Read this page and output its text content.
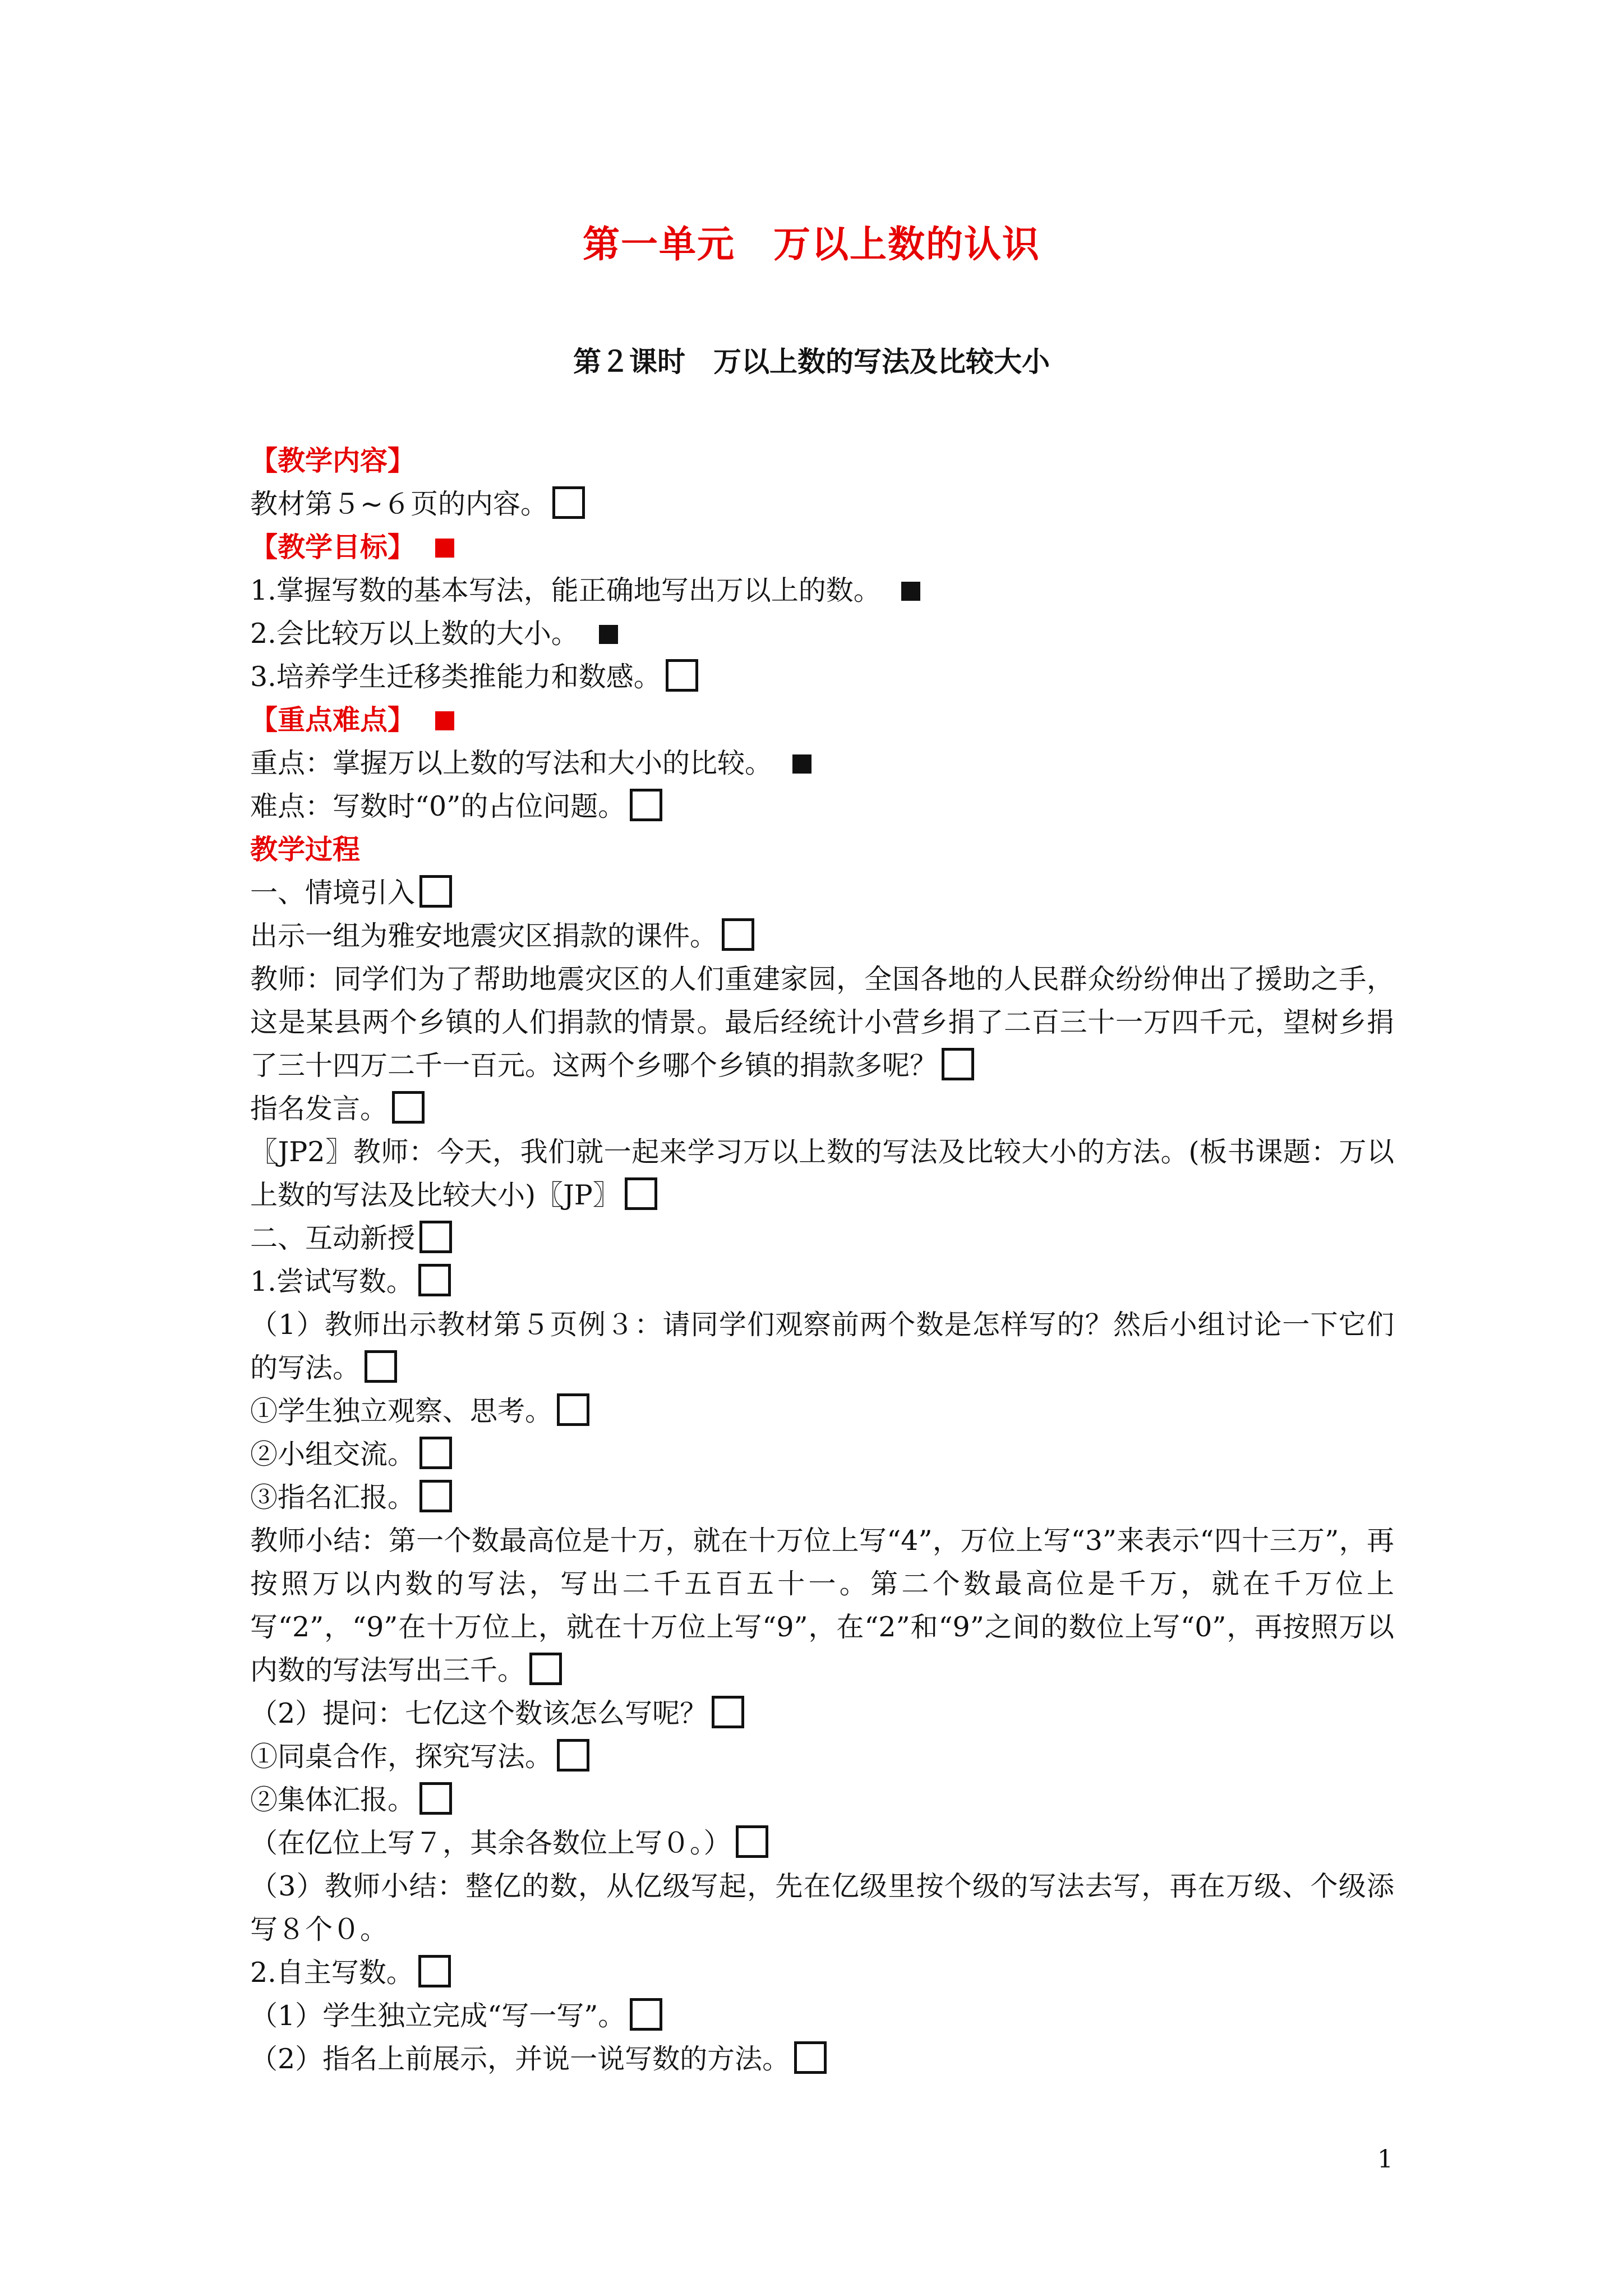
第一单元　万以上数的认识
第２课时　万以上数的写法及比较大小
【教学内容】
教材第５~６页的内容。
【教学目标】
1.掌握写数的基本写法，能正确地写出万以上的数。
2.会比较万以上数的大小。
3.培养学生迁移类推能力和数感。
【重点难点】
重点：掌握万以上数的写法和大小的比较。
难点：写数时“0”的占位问题。
教学过程
一、情境引入
出示一组为雅安地震灾区捐款的课件。
教师：同学们为了帮助地震灾区的人们重建家园，全国各地的人民群众纷纷伸出了援助之手，这是某县两个乡镇的人们捐款的情景。最后经统计小营乡捐了二百三十一万四千元，望树乡捐了三十四万二千一百元。这两个乡哪个乡镇的捐款多呢？
指名发言。
〖JP2〗教师：今天，我们就一起来学习万以上数的写法及比较大小的方法。(板书课题：万以上数的写法及比较大小)〖JP〗
二、互动新授
1.尝试写数。
（1）教师出示教材第５页例３：请同学们观察前两个数是怎样写的？然后小组讨论一下它们的写法。
①学生独立观察、思考。
②小组交流。
③指名汇报。
教师小结：第一个数最高位是十万，就在十万位上写“4”，万位上写“3”来表示“四十三万”，再按照万以内数的写法，写出二千五百五十一。第二个数最高位是千万，就在千万位上写“2”，“9”在十万位上，就在十万位上写“9”，在“2”和“9”之间的数位上写“0”，再按照万以内数的写法写出三千。
（2）提问：七亿这个数该怎么写呢？
①同桌合作，探究写法。
②集体汇报。
（在亿位上写７，其余各数位上写０。）
（3）教师小结：整亿的数，从亿级写起，先在亿级里按个级的写法去写，再在万级、个级添写８个０。
2.自主写数。
（1）学生独立完成“写一写”。
（2）指名上前展示，并说一说写数的方法。
1
